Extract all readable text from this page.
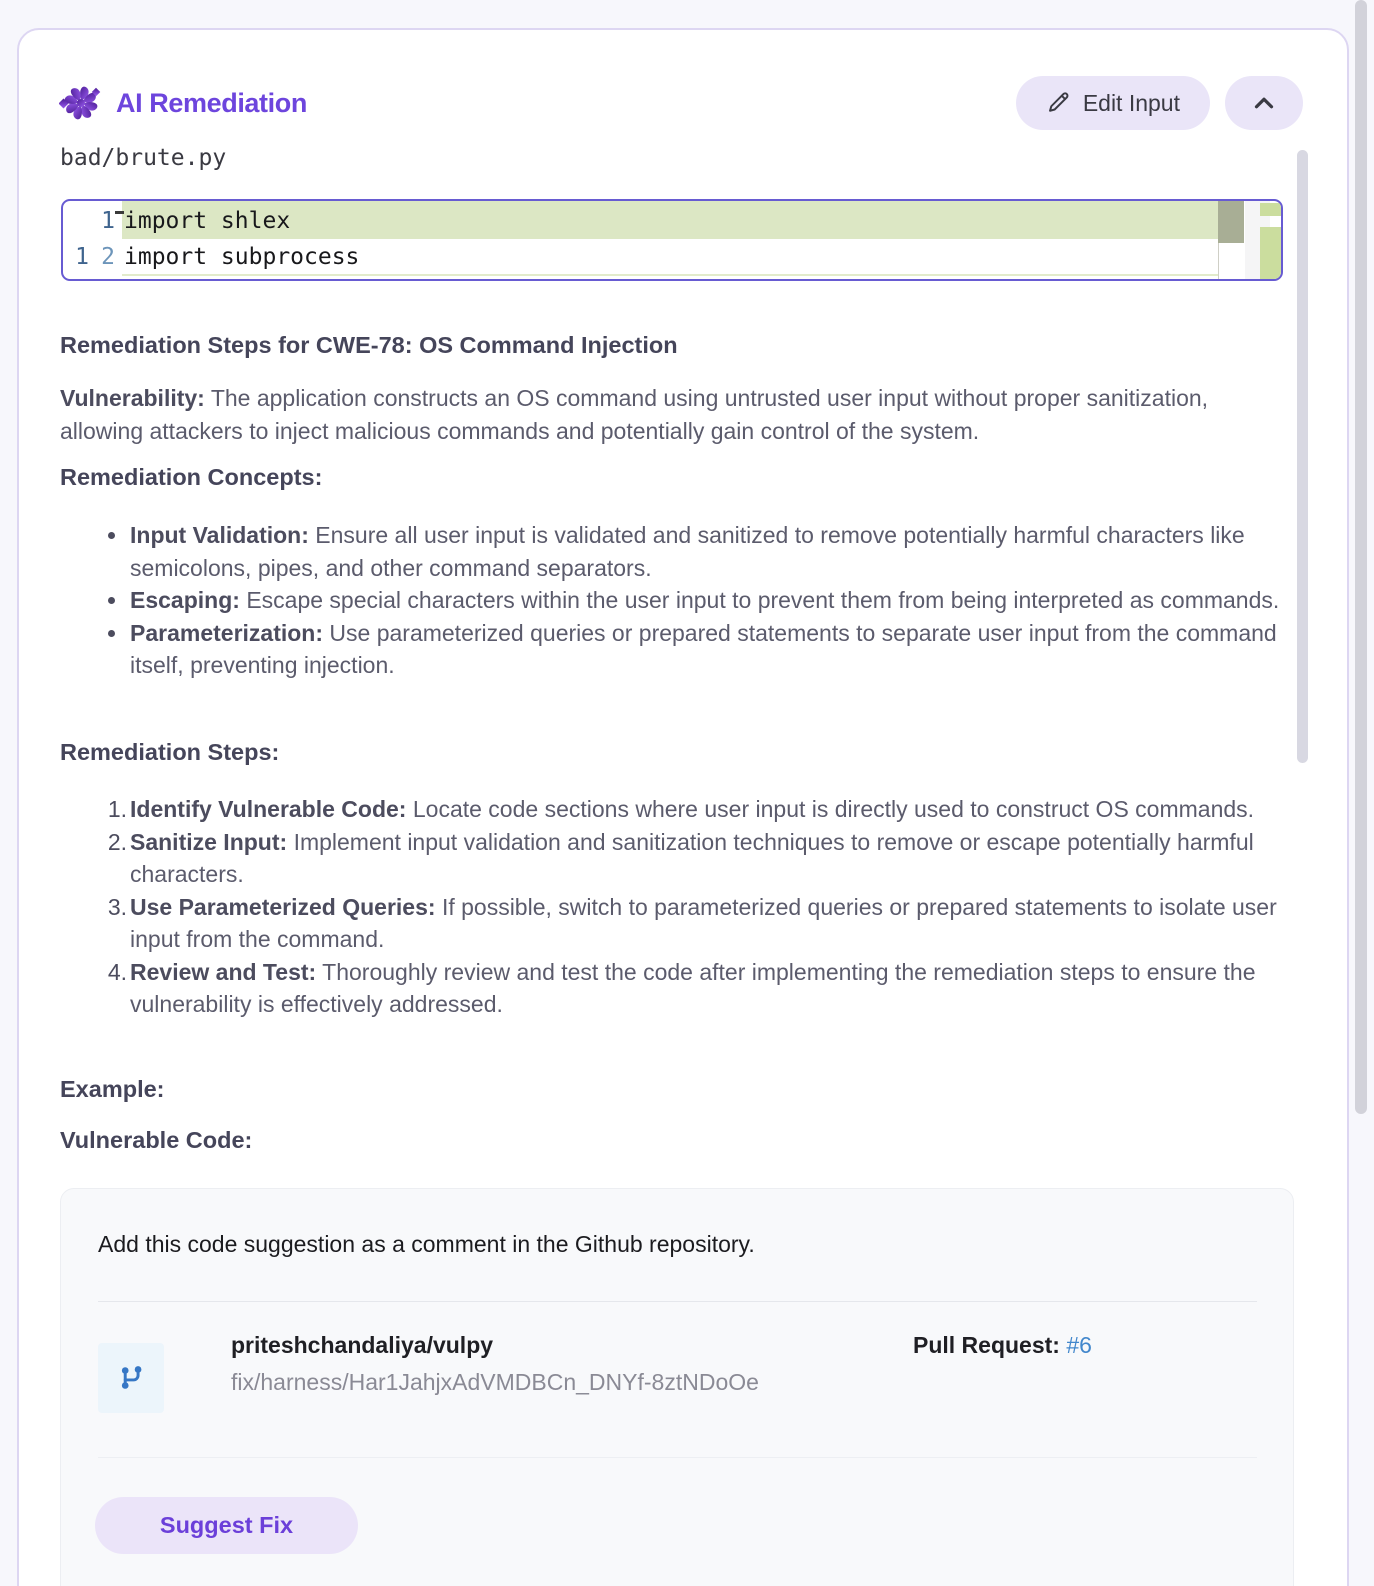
AI Remediation	Edit Input
bad/brute.py
1 import shlex
1 2 import subprocess
Remediation Steps for CWE-78: OS Command Injection
Vulnerability: The application constructs an OS command using untrusted user input without proper sanitization, allowing attackers to inject malicious commands and potentially gain control of the system.
Remediation Concepts:
Input Validation: Ensure all user input is validated and sanitized to remove potentially harmful characters like semicolons, pipes, and other command separators.
Escaping: Escape special characters within the user input to prevent them from being interpreted as commands.
Parameterization: Use parameterized queries or prepared statements to separate user input from the command itself, preventing injection.
Remediation Steps:
1. Identify Vulnerable Code: Locate code sections where user input is directly used to construct OS commands.
2. Sanitize Input: Implement input validation and sanitization techniques to remove or escape potentially harmful characters.
3. Use Parameterized Queries: If possible, switch to parameterized queries or prepared statements to isolate user input from the command.
4. Review and Test: Thoroughly review and test the code after implementing the remediation steps to ensure the vulnerability is effectively addressed.
Example:
Vulnerable Code:
Add this code suggestion as a comment in the Github repository.
priteshchandaliya/vulpy
fix/harness/Har1JahjxAdVMDBCn_DNYf-8ztNDoOe
Pull Request: #6
Suggest Fix
